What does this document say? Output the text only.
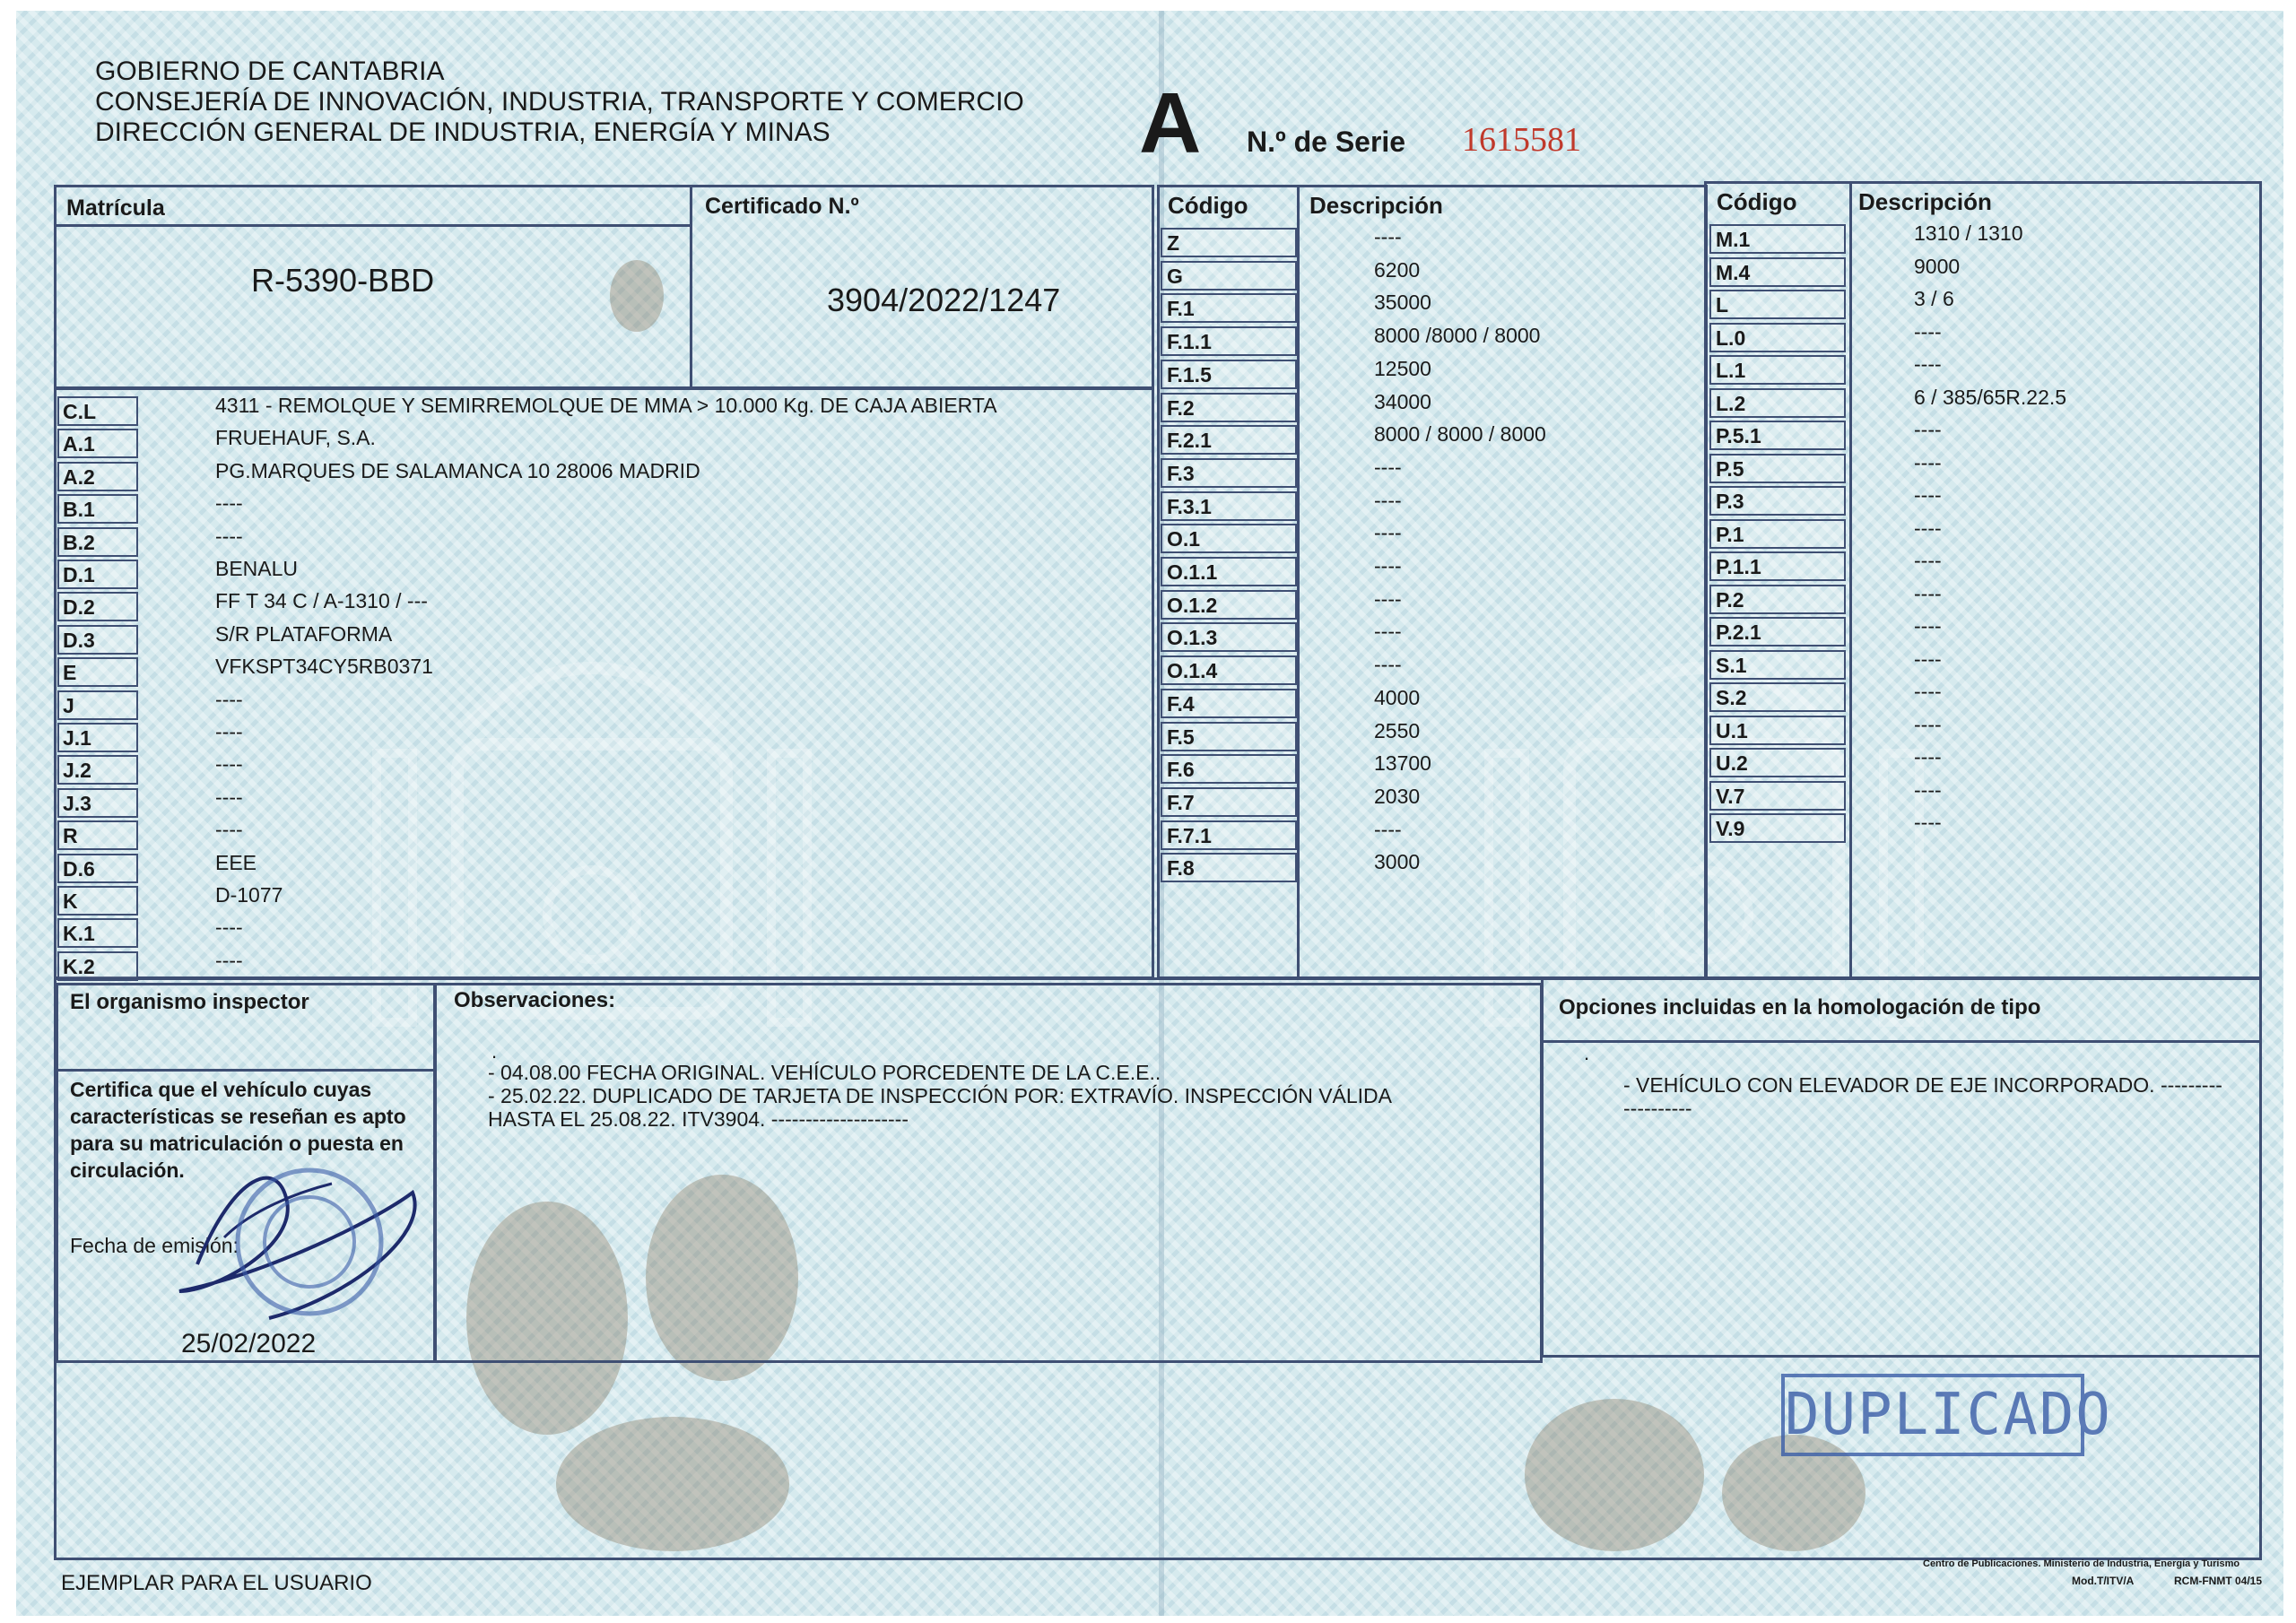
GOBIERNO DE CANTABRIA
CONSEJERÍA DE INNOVACIÓN, INDUSTRIA, TRANSPORTE Y COMERCIO
DIRECCIÓN GENERAL DE INDUSTRIA, ENERGÍA Y MINAS	A N.º de Serie 1615581
Matrícula
R-5390-BBD
Certificado N.º
3904/2022/1247
C.L	4311 - REMOLQUE Y SEMIRREMOLQUE DE MMA > 10.000 Kg. DE CAJA ABIERTA
A.1	FRUEHAUF, S.A.
A.2	PG.MARQUES DE SALAMANCA 10 28006 MADRID
B.1	----
B.2	----
D.1	BENALU
D.2	FF T 34 C / A-1310 / ---
D.3	S/R PLATAFORMA
E	VFKSPT34CY5RB0371
J	----
J.1	----
J.2	----
J.3	----
R	----
D.6	EEE
K	D-1077
K.1	----
K.2	----
Código	Descripción
Z	----
G	6200
F.1	35000
F.1.1	8000 /8000 / 8000
F.1.5	12500
F.2	34000
F.2.1	8000 / 8000 / 8000
F.3	----
F.3.1	----
O.1	----
O.1.1	----
O.1.2	----
O.1.3	----
O.1.4	----
F.4	4000
F.5	2550
F.6	13700
F.7	2030
F.7.1	----
F.8	3000
Código	Descripción
M.1	1310 / 1310
M.4	9000
L	3 / 6
L.0	----
L.1	----
L.2	6 / 385/65R.22.5
P.5.1	----
P.5	----
P.3	----
P.1	----
P.1.1	----
P.2	----
P.2.1	----
S.1	----
S.2	----
U.1	----
U.2	----
V.7	----
V.9	----
El organismo inspector
Certifica que el vehículo cuyas características se reseñan es apto para su matriculación o puesta en circulación.
Fecha de emisión:
25/02/2022
Observaciones:
.
- 04.08.00 FECHA ORIGINAL. VEHÍCULO PORCEDENTE DE LA C.E.E..
- 25.02.22. DUPLICADO DE TARJETA DE INSPECCIÓN POR: EXTRAVÍO. INSPECCIÓN VÁLIDA
HASTA EL 25.08.22. ITV3904. --------------------
Opciones incluidas en la homologación de tipo
.
- VEHÍCULO CON ELEVADOR DE EJE INCORPORADO. ---------
----------
DUPLICADO
EJEMPLAR PARA EL USUARIO
Centro de Publicaciones. Ministerio de Industria, Energía y Turismo
Mod.T/ITV/A	RCM-FNMT 04/15
